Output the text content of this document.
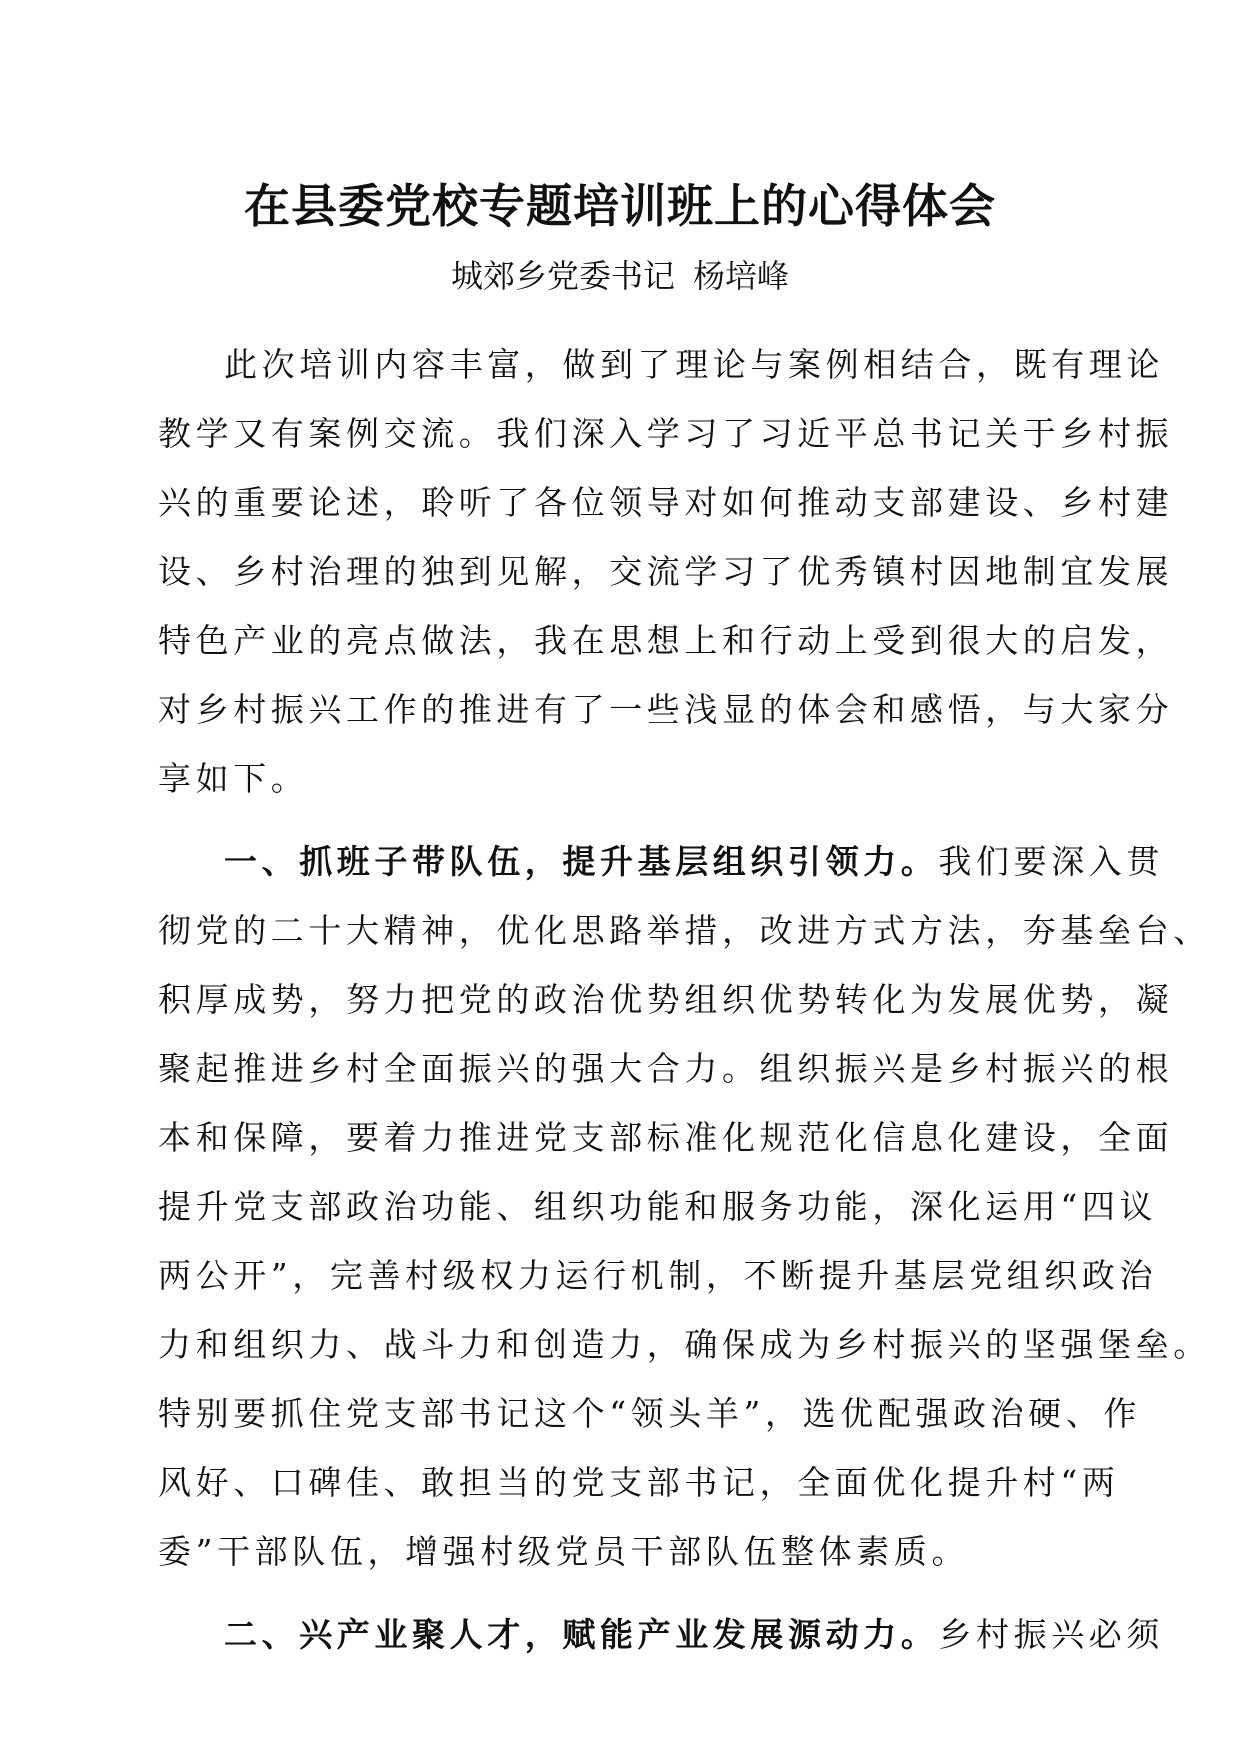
在县委党校专题培训班上的心得体会
城郊乡党委书记 杨培峰
此次培训内容丰富，做到了理论与案例相结合，既有理论
教学又有案例交流。我们深入学习了习近平总书记关于乡村振
兴的重要论述，聆听了各位领导对如何推动支部建设、乡村建
设、乡村治理的独到见解，交流学习了优秀镇村因地制宜发展
特色产业的亮点做法，我在思想上和行动上受到很大的启发，
对乡村振兴工作的推进有了一些浅显的体会和感悟，与大家分
享如下。
一、抓班子带队伍，提升基层组织引领力。我们要深入贯
彻党的二十大精神，优化思路举措，改进方式方法，夯基垒台、
积厚成势，努力把党的政治优势组织优势转化为发展优势，凝
聚起推进乡村全面振兴的强大合力。组织振兴是乡村振兴的根
本和保障，要着力推进党支部标准化规范化信息化建设，全面
提升党支部政治功能、组织功能和服务功能，深化运用“四议
两公开”，完善村级权力运行机制，不断提升基层党组织政治
力和组织力、战斗力和创造力，确保成为乡村振兴的坚强堡垒。
特别要抓住党支部书记这个“领头羊”，选优配强政治硬、作
风好、口碑佳、敢担当的党支部书记，全面优化提升村“两
委”干部队伍，增强村级党员干部队伍整体素质。
二、兴产业聚人才，赋能产业发展源动力。乡村振兴必须
